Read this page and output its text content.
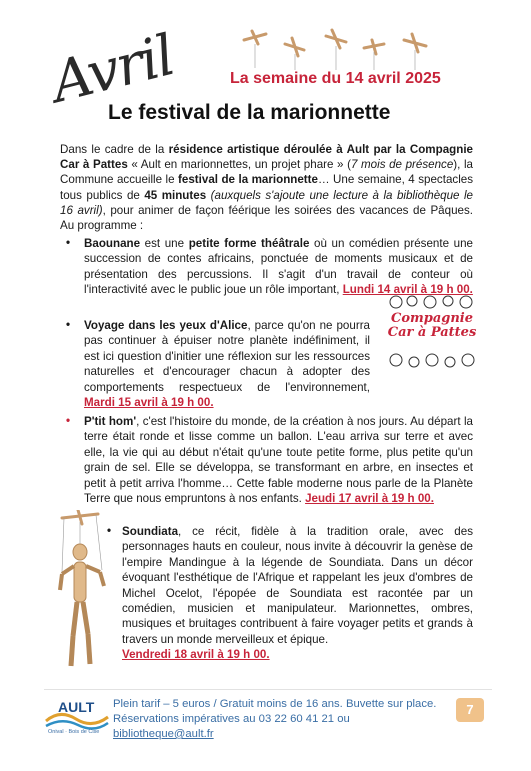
Avril	La semaine du 14 avril 2025
Le festival de la marionnette
Dans le cadre de la résidence artistique déroulée à Ault par la Compagnie Car à Pattes « Ault en marionnettes, un projet phare » (7 mois de présence), la Commune accueille le festival de la marionnette… Une semaine, 4 spectacles tous publics de 45 minutes (auxquels s'ajoute une lecture à la bibliothèque le 16 avril), pour animer de façon féérique les soirées des vacances de Pâques. Au programme :
• Baounane est une petite forme théâtrale où un comédien présente une succession de contes africains, ponctuée de moments musicaux et de présentation des percussions. Il s'agit d'un travail de conteur où l'interactivité avec le public joue un rôle important, Lundi 14 avril à 19 h 00.
• Voyage dans les yeux d'Alice, parce qu'on ne pourra pas continuer à épuiser notre planète indéfiniment, il est ici question d'initier une réflexion sur les ressources naturelles et d'encourager chacun à adopter des comportements respectueux de l'environnement, Mardi 15 avril à 19 h 00.
Compagnie
Car à Pattes
• P'tit hom', c'est l'histoire du monde, de la création à nos jours. Au départ la terre était ronde et lisse comme un ballon. L'eau arriva sur terre et avec elle, la vie qui au début n'était qu'une toute petite forme, plus petite qu'un grain de sel. Elle se développa, se transformant en arbre, en insectes et petit à petit arriva l'homme… Cette fable moderne nous parle de la Planète Terre que nous empruntons à nos enfants. Jeudi 17 avril à 19 h 00.
• Soundiata, ce récit, fidèle à la tradition orale, avec des personnages hauts en couleur, nous invite à découvrir la genèse de l'empire Mandingue à la légende de Soundiata. Dans un décor évoquant l'esthétique de l'Afrique et rappelant les jeux d'ombres de Michel Ocelot, l'épopée de Soundiata est racontée par un comédien, musicien et manipulateur. Marionnettes, ombres, musiques et bruitages contribuent à faire voyager petits et grands à travers un monde merveilleux et épique.
Vendredi 18 avril à 19 h 00.
AULT
Onival · Bois de Cise
Plein tarif – 5 euros / Gratuit moins de 16 ans. Buvette sur place.
Réservations impératives au 03 22 60 41 21 ou bibliotheque@ault.fr
7
